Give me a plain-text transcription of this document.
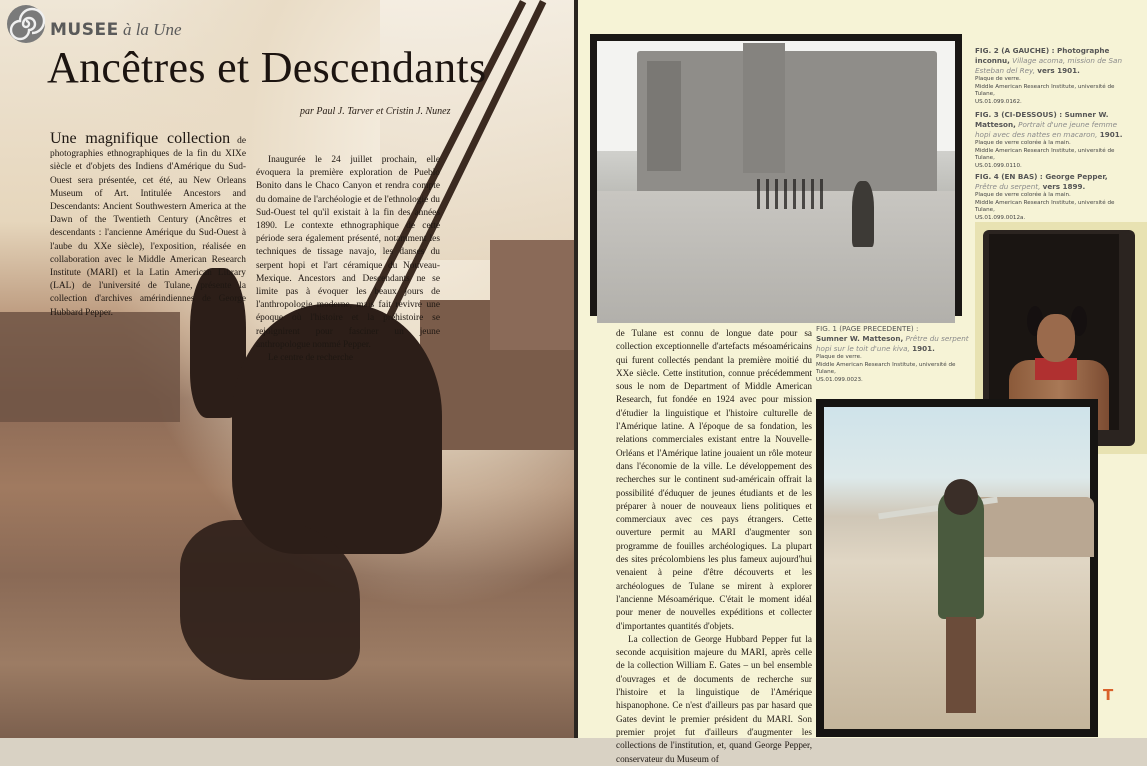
MUSEE à la Une
Ancêtres et Descendants
par Paul J. Tarver et Cristin J. Nunez

Une magnifique collection de photographies ethnographiques de la fin du XIXe siècle et d'objets des Indiens d'Amérique du Sud-Ouest sera présentée, cet été, au New Orleans Museum of Art. Intitulée Ancestors and Descendants: Ancient Southwestern America at the Dawn of the Twentieth Century (Ancêtres et descendants : l'ancienne Amérique du Sud-Ouest à l'aube du XXe siècle), l'exposition, réalisée en collaboration avec le Middle American Research Institute (MARI) et la Latin American Library (LAL) de l'université de Tulane, présente la collection d'archives amérindiennes de George Hubbard Pepper.

Inaugurée le 24 juillet prochain, elle évoquera la première exploration de Pueblo Bonito dans le Chaco Canyon et rendra compte du domaine de l'archéologie et de l'ethnologie du Sud-Ouest tel qu'il existait à la fin des années 1890. Le contexte ethnographique de cette période sera également présenté, notamment les techniques de tissage navajo, les danses du serpent hopi et l'art céramique du Nouveau-Mexique. Ancestors and Descendants ne se limite pas à évoquer les beaux jours de l'anthropologie moderne, mais fait revivre une époque où l'histoire et la préhistoire se rejoignirent pour fasciner un jeune anthropologue nommé Pepper.

Le centre de recherche

FIG. 2 (A GAUCHE) : Photographe inconnu, Village acoma, mission de San Esteban del Rey, vers 1901.
Plaque de verre.
Middle American Research Institute, université de Tulane,
US.01.099.0162.
FIG. 3 (CI-DESSOUS) : Sumner W. Matteson, Portrait d'une jeune femme hopi avec des nattes en macaron, 1901.
Plaque de verre colorée à la main.
Middle American Research Institute, université de Tulane,
US.01.099.0110.
FIG. 4 (EN BAS) : George Pepper, Prêtre du serpent, vers 1899.
Plaque de verre colorée à la main.
Middle American Research Institute, université de Tulane,
US.01.099.0012a.
FIG. 1 (PAGE PRECEDENTE) :
Sumner W. Matteson, Prêtre du serpent hopi sur le toit d'une kiva, 1901.
Plaque de verre.
Middle American Research Institute, université de Tulane,
US.01.099.0023.

de Tulane est connu de longue date pour sa collection exceptionnelle d'artefacts mésoaméricains qui furent collectés pendant la première moitié du XXe siècle. Cette institution, connue précédemment sous le nom de Department of Middle American Research, fut fondée en 1924 avec pour mission d'étudier la linguistique et l'histoire culturelle de l'Amérique latine. A l'époque de sa fondation, les relations commerciales existant entre la Nouvelle-Orléans et l'Amérique latine jouaient un rôle moteur dans l'économie de la ville. Le développement des recherches sur le continent sud-américain offrait la possibilité d'éduquer de jeunes étudiants et de les préparer à nouer de nouveaux liens politiques et commerciaux avec ces pays étrangers. Cette ouverture permit au MARI d'augmenter son programme de fouilles archéologiques. La plupart des sites précolombiens les plus fameux aujourd'hui venaient à peine d'être découverts et les archéologues de Tulane se mirent à explorer l'ancienne Mésoamérique. C'était le moment idéal pour mener de nouvelles expéditions et collecter d'importantes quantités d'objets.

La collection de George Hubbard Pepper fut la seconde acquisition majeure du MARI, après celle de la collection William E. Gates – un bel ensemble d'ouvrages et de documents de recherche sur l'histoire et la linguistique de l'Amérique hispanophone. Ce n'est d'ailleurs pas par hasard que Gates devint le premier président du MARI. Son premier projet fut d'ailleurs d'augmenter les collections de l'institution, et, quand George Pepper, conservateur du Museum of

T
